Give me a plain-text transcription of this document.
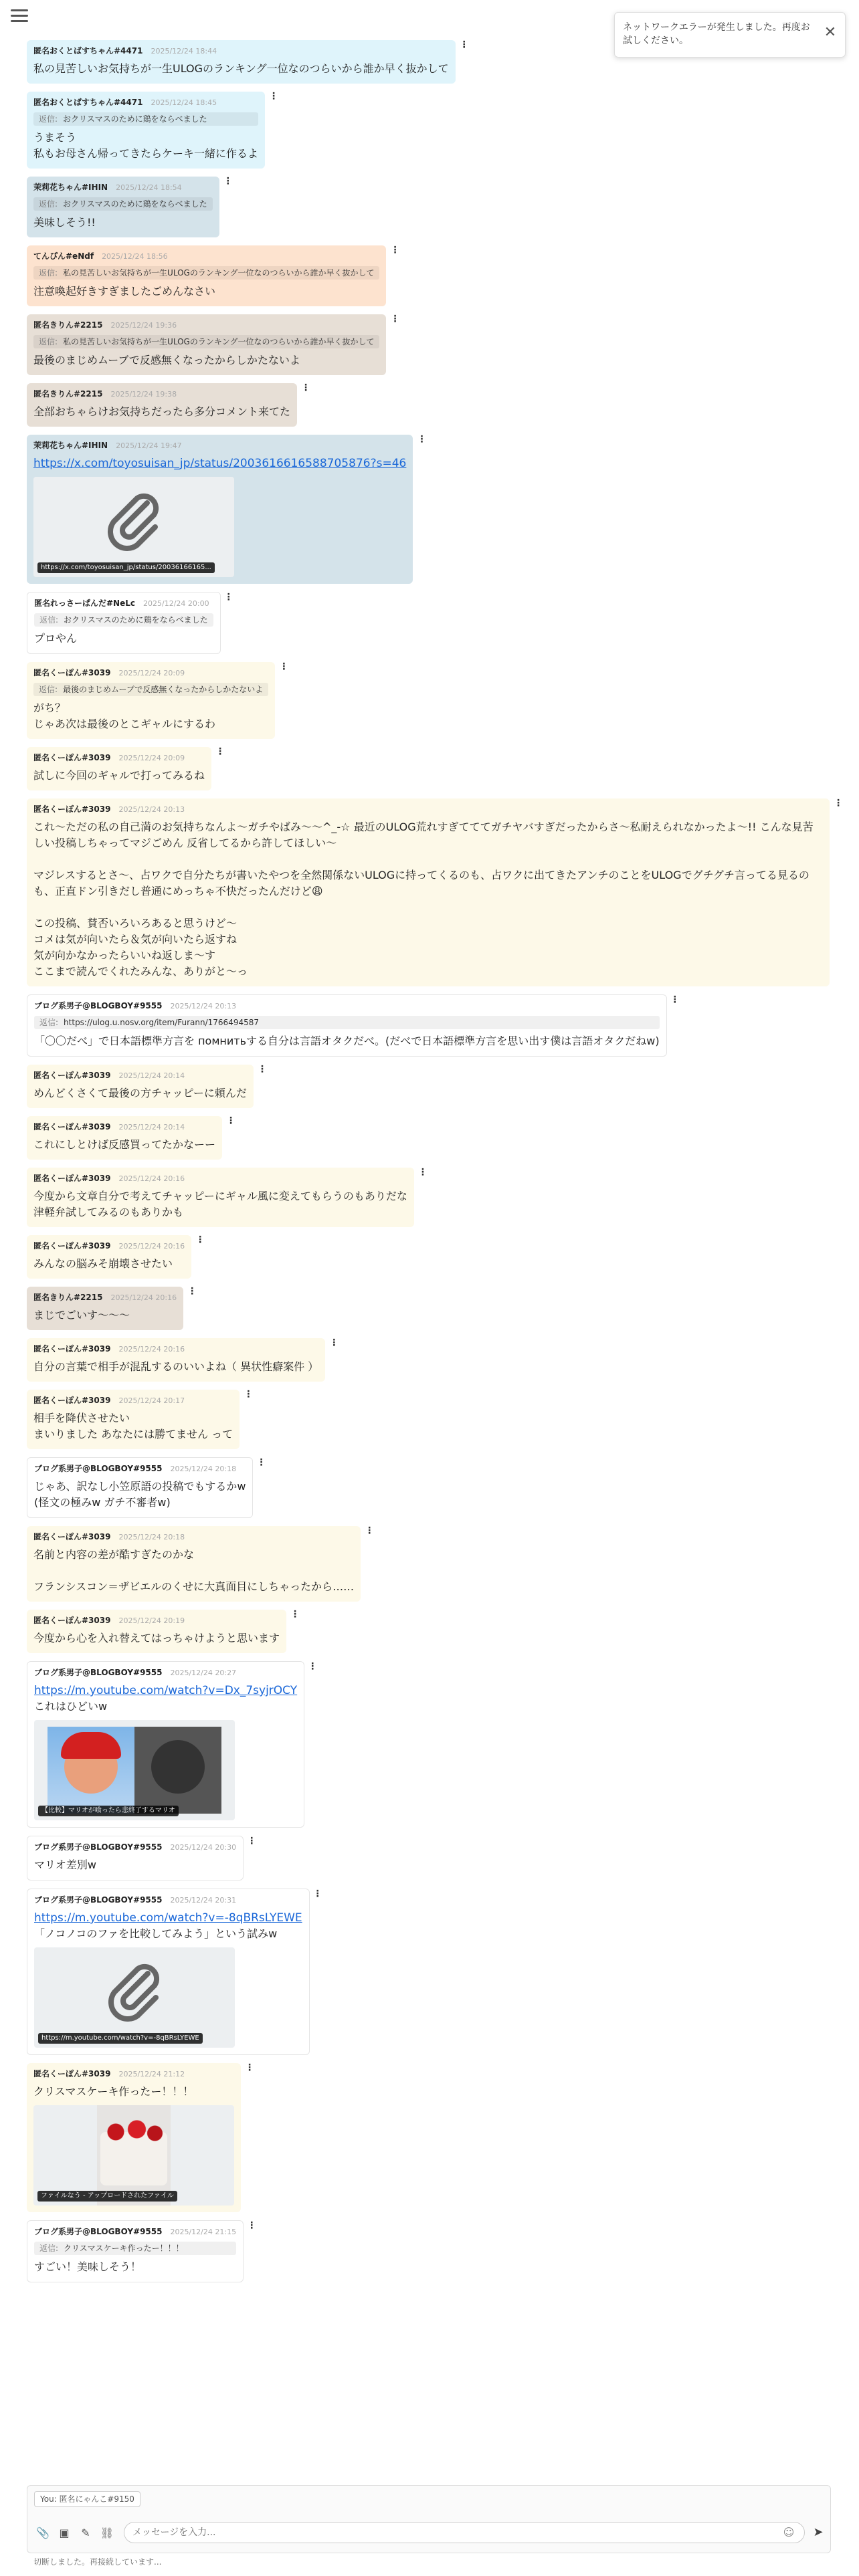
ネットワークエラーが発生しました。再度お試しください。	✕
匿名おくとばすちゃん#4471 2025/12/24 18:44
⋮
私の見苦しいお気持ちが一生ULOGのランキング一位なのつらいから誰か早く抜かして
匿名おくとばすちゃん#4471 2025/12/24 18:45
⋮
返信: おクリスマスのために鶏をならべました
うまそう
私もお母さん帰ってきたらケーキ一緒に作るよ
茉莉花ちゃん#IHIN 2025/12/24 18:54
⋮
返信: おクリスマスのために鶏をならべました
美味しそう!!
てんぴん#eNdf 2025/12/24 18:56
⋮
返信: 私の見苦しいお気持ちが一生ULOGのランキング一位なのつらいから誰か早く抜かして
注意喚起好きすぎましたごめんなさい
匿名きりん#2215 2025/12/24 19:36
⋮
返信: 私の見苦しいお気持ちが一生ULOGのランキング一位なのつらいから誰か早く抜かして
最後のまじめムーブで反感無くなったからしかたないよ
匿名きりん#2215 2025/12/24 19:38
⋮
全部おちゃらけお気持ちだったら多分コメント来てた
茉莉花ちゃん#IHIN 2025/12/24 19:47
⋮
https://x.com/toyosuisan_jp/status/2003616616588705876?s=46
https://x.com/toyosuisan_jp/status/20036166165...
匿名れっさーぱんだ#NeLc 2025/12/24 20:00
⋮
返信: おクリスマスのために鶏をならべました
プロやん
匿名くーぽん#3039 2025/12/24 20:09
⋮
返信: 最後のまじめムーブで反感無くなったからしかたないよ
がち？
じゃあ次は最後のとこギャルにするわ
匿名くーぽん#3039 2025/12/24 20:09
⋮
試しに今回のギャルで打ってみるね
匿名くーぽん#3039 2025/12/24 20:13
⋮
これ〜ただの私の自己満のお気持ちなんよ〜ガチやばみ〜〜^_-☆ 最近のULOG荒れすぎてててガチヤバすぎだったからさ〜私耐えられなかったよ〜!! こんな見苦しい投稿しちゃってマジごめん 反省してるから許してほしい〜

マジレスするとさ〜、占ワクで自分たちが書いたやつを全然関係ないULOGに持ってくるのも、占ワクに出てきたアンチのことをULOGでグチグチ言ってる見るのも、正直ドン引きだし普通にめっちゃ不快だったんだけど😩

この投稿、賛否いろいろあると思うけど〜
コメは気が向いたら＆気が向いたら返すね
気が向かなかったらいいね返しま〜す
ここまで読んでくれたみんな、ありがと〜っ
ブログ系男子@BLOGBOY#9555 2025/12/24 20:13
⋮
返信: https://ulog.u.nosv.org/item/Furann/1766494587
「〇〇だべ」で日本語標準方言を помнитьする自分は言語オタクだべ。(だべで日本語標準方言を思い出す僕は言語オタクだねw)
匿名くーぽん#3039 2025/12/24 20:14
⋮
めんどくさくて最後の方チャッピーに頼んだ
匿名くーぽん#3039 2025/12/24 20:14
⋮
これにしとけば反感買ってたかなーー
匿名くーぽん#3039 2025/12/24 20:16
⋮
今度から文章自分で考えてチャッピーにギャル風に変えてもらうのもありだな
津軽弁試してみるのもありかも
匿名くーぽん#3039 2025/12/24 20:16
⋮
みんなの脳みそ崩壊させたい
匿名きりん#2215 2025/12/24 20:16
⋮
まじでごいす〜〜〜
匿名くーぽん#3039 2025/12/24 20:16
⋮
自分の言葉で相手が混乱するのいいよね（ 異状性癖案件 ）
匿名くーぽん#3039 2025/12/24 20:17
⋮
相手を降伏させたい
まいりました あなたには勝てません って
ブログ系男子@BLOGBOY#9555 2025/12/24 20:18
⋮
じゃあ、訳なし小笠原語の投稿でもするかw
(怪文の極みw ガチ不審者w)
匿名くーぽん#3039 2025/12/24 20:18
⋮
名前と内容の差が酷すぎたのかな

フランシスコン＝ザビエルのくせに大真面目にしちゃったから……
匿名くーぽん#3039 2025/12/24 20:19
⋮
今度から心を入れ替えてはっちゃけようと思います
ブログ系男子@BLOGBOY#9555 2025/12/24 20:27
⋮
https://m.youtube.com/watch?v=Dx_7syjrOCY
これはひどいw
【比較】マリオが喰ったら悲終了するマリオ
ブログ系男子@BLOGBOY#9555 2025/12/24 20:30
⋮
マリオ差別w
ブログ系男子@BLOGBOY#9555 2025/12/24 20:31
⋮
https://m.youtube.com/watch?v=-8qBRsLYEWE
「ノコノコのファを比較してみよう」という試みw
https://m.youtube.com/watch?v=-8qBRsLYEWE
匿名くーぽん#3039 2025/12/24 21:12
⋮
クリスマスケーキ作ったー！！！
ファイルなう - アップロードされたファイル
ブログ系男子@BLOGBOY#9555 2025/12/24 21:15
⋮
返信: クリスマスケーキ作ったー！！！
すごい！美味しそう！
You: 匿名にゃんこ#9150
📎 ▣ ✎ ⛓
メッセージを入力...	☺ ➤
切断しました。再接続しています...
